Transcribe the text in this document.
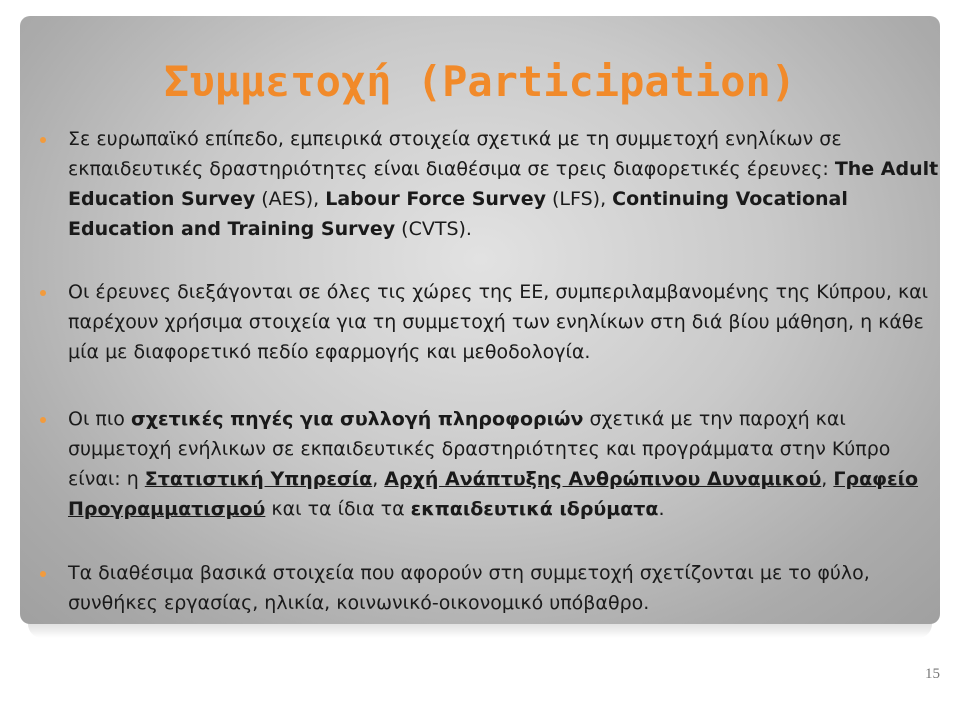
Συμμετοχή (Participation)
Σε ευρωπαϊκό επίπεδο, εμπειρικά στοιχεία σχετικά με τη συμμετοχή ενηλίκων σε εκπαιδευτικές δραστηριότητες είναι διαθέσιμα σε τρεις διαφορετικές έρευνες: The Adult Education Survey (AES), Labour Force Survey (LFS), Continuing Vocational Education and Training Survey (CVTS).
Οι έρευνες διεξάγονται σε όλες τις χώρες της ΕΕ, συμπεριλαμβανομένης της Κύπρου, και παρέχουν χρήσιμα στοιχεία για τη συμμετοχή των ενηλίκων στη διά βίου μάθηση, η κάθε μία με διαφορετικό πεδίο εφαρμογής και μεθοδολογία.
Οι πιο σχετικές πηγές για συλλογή πληροφοριών σχετικά με την παροχή και συμμετοχή ενήλικων σε εκπαιδευτικές δραστηριότητες και προγράμματα στην Κύπρο είναι: η Στατιστική Υπηρεσία, Αρχή Ανάπτυξης Ανθρώπινου Δυναμικού, Γραφείο Προγραμματισμού και τα ίδια τα εκπαιδευτικά ιδρύματα.
Τα διαθέσιμα βασικά στοιχεία που αφορούν στη συμμετοχή σχετίζονται με το φύλο, συνθήκες εργασίας, ηλικία, κοινωνικό-οικονομικό υπόβαθρο.
15
